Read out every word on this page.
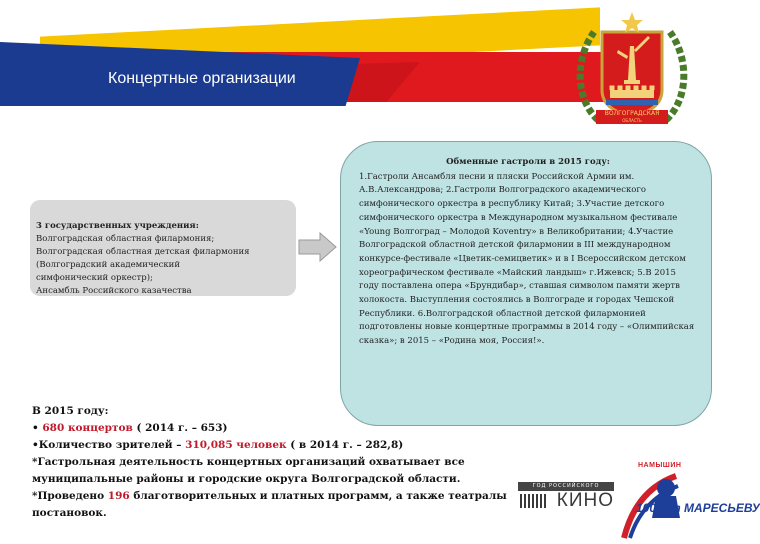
Концертные организации
ВОЛГОГРАДСКАЯ
ОБЛАСТЬ
3 государственных учреждения:
Волгоградская областная филармония;
Волгоградская областная детская филармония
(Волгоградский академический
симфонический оркестр);
Ансамбль Российского казачества

Обменные гастроли в 2015 году:

1.Гастроли Ансамбля песни и пляски Российской Армии им. А.В.Александрова; 2.Гастроли Волгоградского академического симфонического оркестра в республику Китай; 3.Участие детского симфонического оркестра в Международном музыкальном фестивале «Young Волгоград – Молодой Koventry» в Великобритании; 4.Участие Волгоградской областной детской филармонии в III международном конкурсе-фестивале «Цветик-семицветик» и в I Всероссийском детском хореографическом фестивале «Майский ландыш» г.Ижевск; 5.В 2015 году поставлена опера «Брундибар», ставшая символом памяти жертв холокоста. Выступления состоялись в Волгограде и городах Чешской Республики. 6.Волгоградской областной детской филармонией подготовлены новые концертные программы в 2014 году – «Олимпийская сказка»; в 2015 – «Родина моя, Россия!».

В 2015 году:

• 680 концертов ( 2014 г. – 653)

•Количество зрителей – 310,085 человек ( в 2014 г. – 282,8)

*Гастрольная деятельность концертных организаций охватывает все

муниципальные районы и городские округа Волгоградской области.

*Проведено 196 благотворительных и платных программ, а также театралы

постановок.

ГОД РОССИЙСКОГО
КИНО
НАМЫШИН
100лет МАРЕСЬЕВУ
